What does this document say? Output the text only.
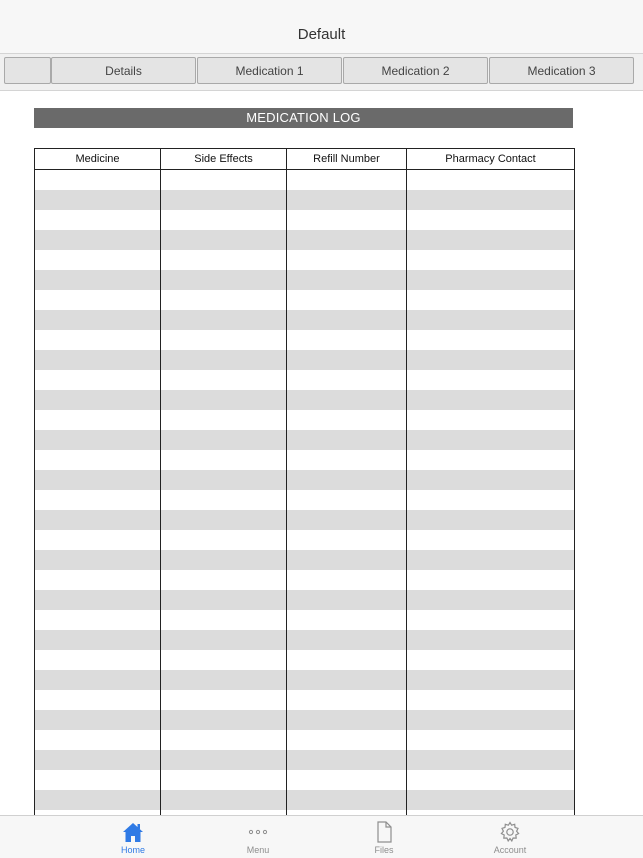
Default
Details	Medication 1	Medication 2	Medication 3
MEDICATION LOG
Medicine	Side Effects	Refill Number	Pharmacy Contact

Home	Menu	Files	Account
